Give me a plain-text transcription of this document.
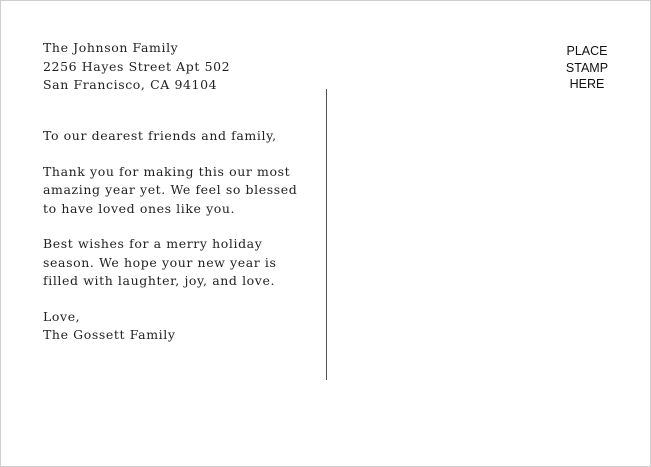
The Johnson Family
2256 Hayes Street Apt 502
San Francisco, CA 94104
To our dearest friends and family,
Thank you for making this our most
amazing year yet. We feel so blessed
to have loved ones like you.
Best wishes for a merry holiday
season. We hope your new year is
filled with laughter, joy, and love.
Love,
The Gossett Family
PLACE
STAMP
HERE
